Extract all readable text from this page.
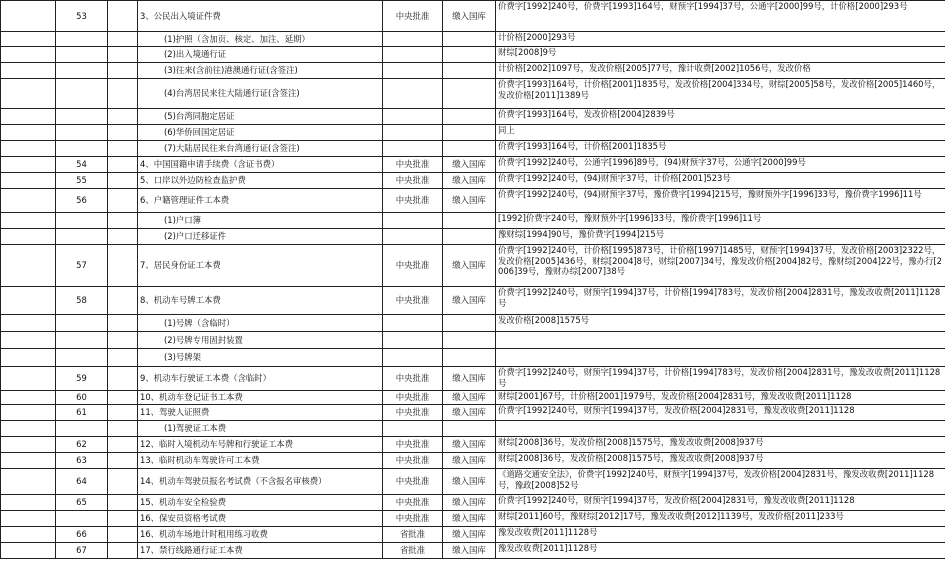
	53		3、公民出入境证件费	中央批准	缴入国库	价费字[1992]240号，价费字[1993]164号，财预字[1994]37号，公通字[2000]99号，计价格[2000]293号
			(1)护照（含加页、核定、加注、延期）			计价格[2000]293号
			(2)出入境通行证			财综[2008]9号
			(3)往来(含前往)港澳通行证(含签注)			计价格[2002]1097号，发改价格[2005]77号，豫计收费[2002]1056号，发改价格
			(4)台湾居民来往大陆通行证(含签注)			价费字[1993]164号，计价格[2001]1835号，发改价格[2004]334号，财综[2005]58号，发改价格[2005]1460号，发改价格[2011]1389号
			(5)台湾同胞定居证			价费字[1993]164号，发改价格[2004]2839号
			(6)华侨回国定居证			同上
			(7)大陆居民往来台湾通行证(含签注)			价费字[1993]164号，计价格[2001]1835号
	54		4、中国国籍申请手续费（含证书费）	中央批准	缴入国库	价费字[1992]240号，公通字[1996]89号，(94)财预字37号，公通字[2000]99号
	55		5、口岸以外边防检查监护费	中央批准	缴入国库	价费字[1992]240号，(94)财预字37号，计价格[2001]523号
	56		6、户籍管理证件工本费	中央批准	缴入国库	价费字[1992]240号，(94)财预字37号，豫价费字[1994]215号，豫财预外字[1996]33号，豫价费字1996]11号
			(1)户口簿			[1992]价费字240号，豫财预外字[1996]33号，豫价费字[1996]11号
			(2)户口迁移证件			豫财综[1994]90号，豫价费字[1994]215号
	57		7、居民身份证工本费	中央批准	缴入国库	价费字[1992]240号，计价格[1995]873号，计价格[1997]1485号，财预字[1994]37号，发改价格[2003]2322号，发改价格[2005]436号，财综[2004]8号，财综[2007]34号，豫发改价格[2004]82号，豫财综[2004]22号，豫办行[2006]39号，豫财办综[2007]38号
	58		8、机动车号牌工本费	中央批准	缴入国库	价费字[1992]240号，财预字[1994]37号，计价格[1994]783号，发改价格[2004]2831号，豫发改收费[2011]1128号
			(1)号牌（含临时）			发改价格[2008]1575号
			(2)号牌专用固封装置			
			(3)号牌架			
	59		9、机动车行驶证工本费（含临时）	中央批准	缴入国库	价费字[1992]240号，财预字[1994]37号，计价格[1994]783号，发改价格[2004]2831号，豫发改收费[2011]1128号
	60		10、机动车登记证书工本费	中央批准	缴入国库	财综[2001]67号，计价格[2001]1979号，发改价格[2004]2831号，豫发改收费[2011]1128
	61		11、驾驶人证照费	中央批准	缴入国库	价费字[1992]240号，财预字[1994]37号，发改价格[2004]2831号，豫发改收费[2011]1128
			(1)驾驶证工本费			
	62		12、临时入境机动车号牌和行驶证工本费	中央批准	缴入国库	财综[2008]36号，发改价格[2008]1575号，豫发改收费[2008]937号
	63		13、临时机动车驾驶许可工本费	中央批准	缴入国库	财综[2008]36号，发改价格[2008]1575号，豫发改收费[2008]937号
	64		14、机动车驾驶员报名考试费（不含报名审核费）	中央批准	缴入国库	《道路交通安全法》，价费字[1992]240号，财预字[1994]37号，发改价格[2004]2831号，豫发改收费[2011]1128号，豫政[2008]52号
	65		15、机动车安全检验费	中央批准	缴入国库	价费字[1992]240号，财预字[1994]37号，发改价格[2004]2831号，豫发改收费[2011]1128
			16、保安员资格考试费	中央批准	缴入国库	财综[2011]60号，豫财综[2012]17号，豫发改收费[2012]1139号，发改价格[2011]233号
	66		16、机动车场地计时租用练习收费	省批准	缴入国库	豫发改收费[2011]1128号
	67		17、禁行线路通行证工本费	省批准	缴入国库	豫发改收费[2011]1128号
